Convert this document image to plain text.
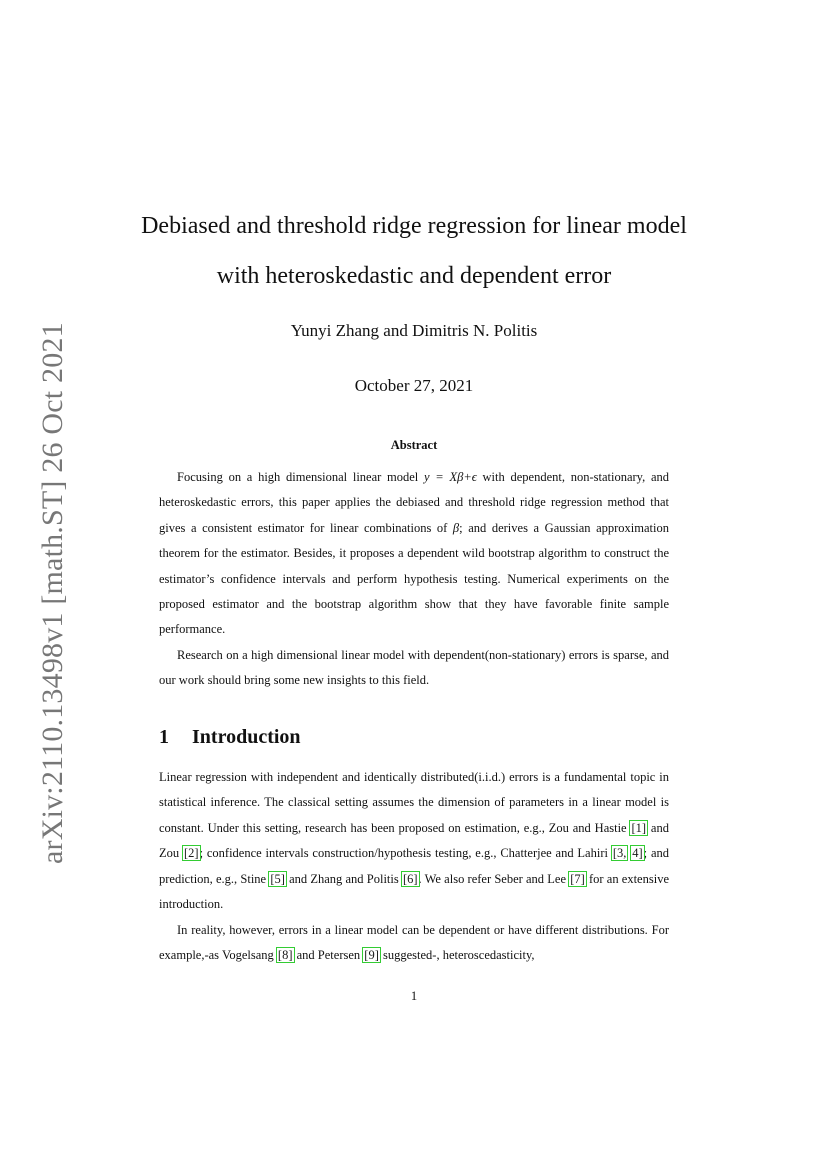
arXiv:2110.13498v1 [math.ST] 26 Oct 2021
Debiased and threshold ridge regression for linear model
with heteroskedastic and dependent error
Yunyi Zhang and Dimitris N. Politis
October 27, 2021
Abstract
Focusing on a high dimensional linear model y = Xβ+ϵ with dependent, non-stationary, and heteroskedastic errors, this paper applies the debiased and threshold ridge regression method that gives a consistent estimator for linear combinations of β; and derives a Gaussian approximation theorem for the estimator. Besides, it proposes a dependent wild bootstrap algorithm to construct the estimator’s confidence intervals and perform hypothesis testing. Numerical experiments on the proposed estimator and the bootstrap algorithm show that they have favorable finite sample performance.
Research on a high dimensional linear model with dependent(non-stationary) errors is sparse, and our work should bring some new insights to this field.
1 Introduction
Linear regression with independent and identically distributed(i.i.d.) errors is a fundamental topic in statistical inference. The classical setting assumes the dimension of parameters in a linear model is constant. Under this setting, research has been proposed on estimation, e.g., Zou and Hastie [1] and Zou [2]; confidence intervals construction/hypothesis testing, e.g., Chatterjee and Lahiri [3, 4]; and prediction, e.g., Stine [5] and Zhang and Politis [6]. We also refer Seber and Lee [7] for an extensive introduction.
In reality, however, errors in a linear model can be dependent or have different distributions. For example,-as Vogelsang [8] and Petersen [9] suggested-, heteroscedasticity,
1
